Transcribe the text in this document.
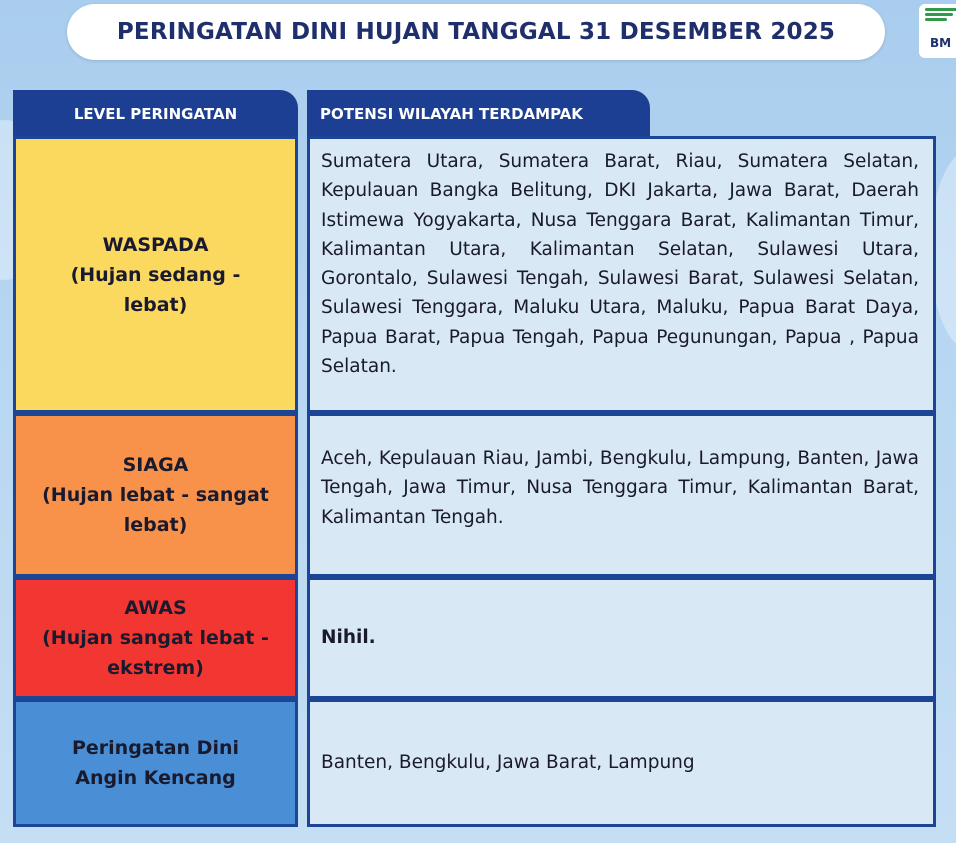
PERINGATAN DINI HUJAN TANGGAL 31 DESEMBER 2025	BM
LEVEL PERINGATAN	POTENSI WILAYAH TERDAMPAK
WASPADA
(Hujan sedang - lebat)
Sumatera Utara, Sumatera Barat, Riau, Sumatera Selatan, Kepulauan Bangka Belitung, DKI Jakarta, Jawa Barat, Daerah Istimewa Yogyakarta, Nusa Tenggara Barat, Kalimantan Timur, Kalimantan Utara, Kalimantan Selatan, Sulawesi Utara, Gorontalo, Sulawesi Tengah, Sulawesi Barat, Sulawesi Selatan, Sulawesi Tenggara, Maluku Utara, Maluku, Papua Barat Daya, Papua Barat, Papua Tengah, Papua Pegunungan, Papua , Papua Selatan.
SIAGA
(Hujan lebat - sangat lebat)
Aceh, Kepulauan Riau, Jambi, Bengkulu, Lampung, Banten, Jawa Tengah, Jawa Timur, Nusa Tenggara Timur, Kalimantan Barat, Kalimantan Tengah.
AWAS
(Hujan sangat lebat - ekstrem)
Nihil.
Peringatan Dini Angin Kencang
Banten, Bengkulu, Jawa Barat, Lampung
